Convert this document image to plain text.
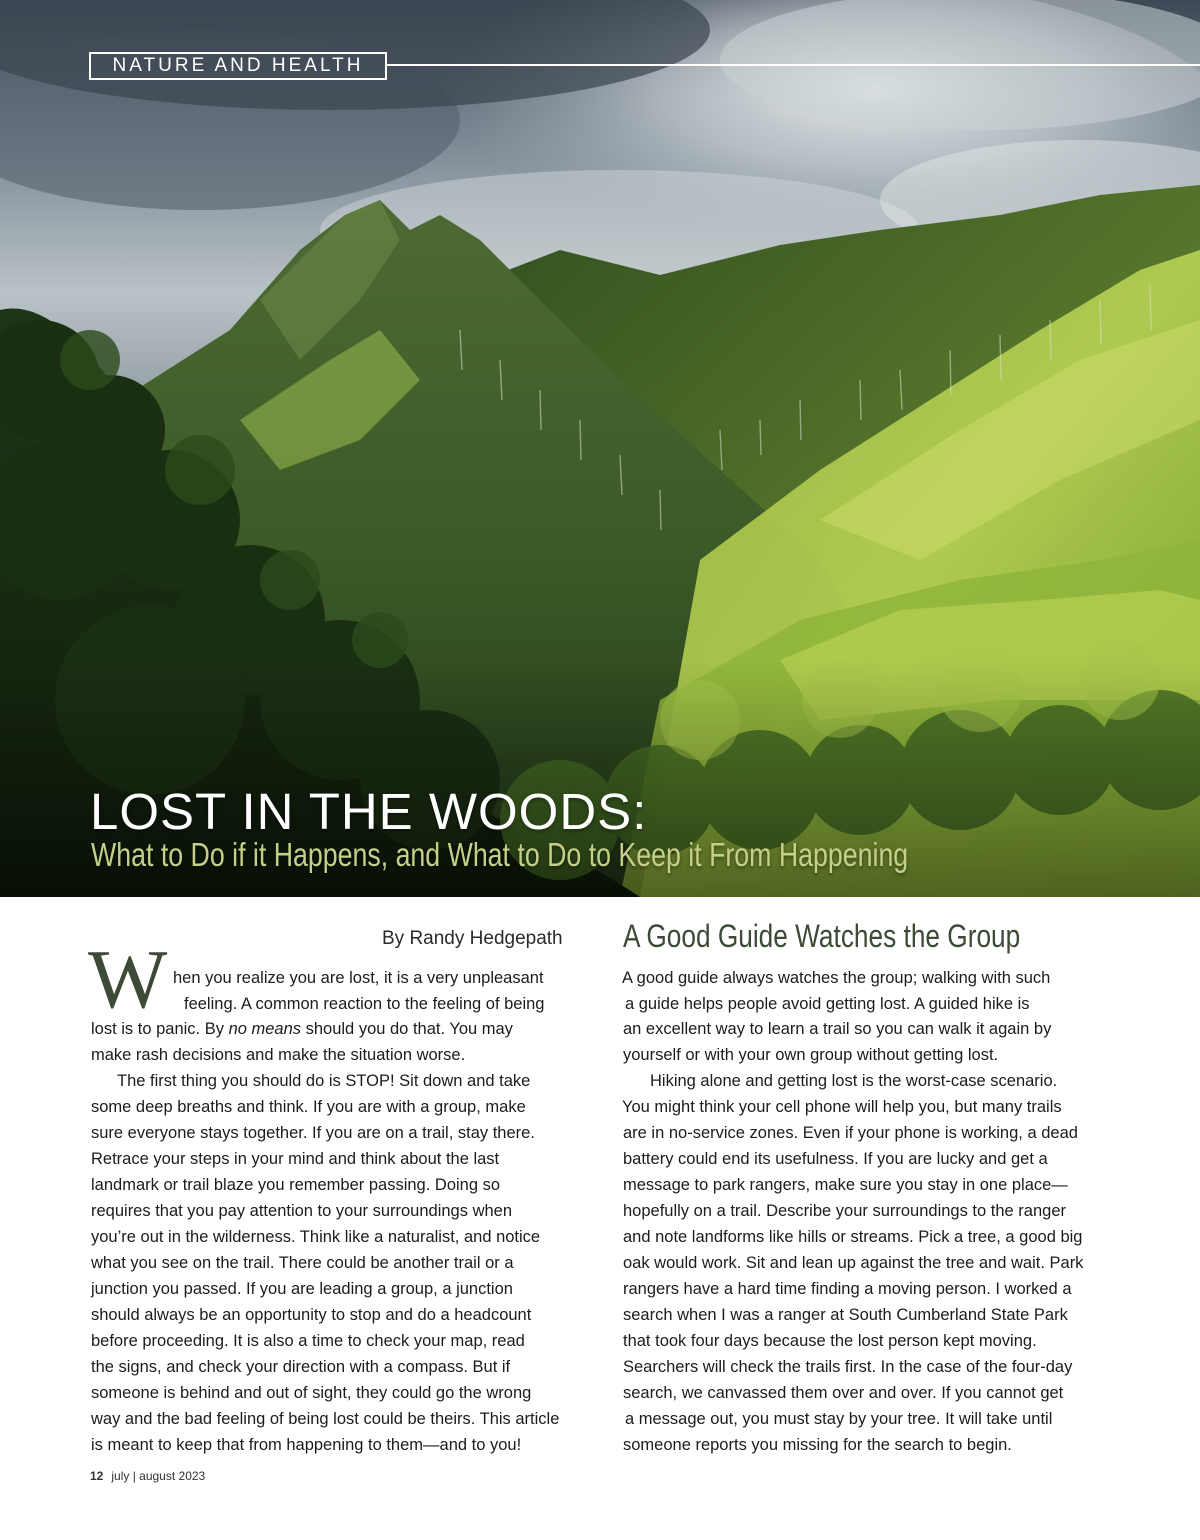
NATURE AND HEALTH
LOST IN THE WOODS:
What to Do if it Happens, and What to Do to Keep it From Happening
By Randy Hedgepath
W hen you realize you are lost, it is a very unpleasant
feeling. A common reaction to the feeling of being
lost is to panic. By no means should you do that. You may
make rash decisions and make the situation worse.
The first thing you should do is STOP! Sit down and take
some deep breaths and think. If you are with a group, make
sure everyone stays together. If you are on a trail, stay there.
Retrace your steps in your mind and think about the last
landmark or trail blaze you remember passing. Doing so
requires that you pay attention to your surroundings when
you’re out in the wilderness. Think like a naturalist, and notice
what you see on the trail. There could be another trail or a
junction you passed. If you are leading a group, a junction
should always be an opportunity to stop and do a headcount
before proceeding. It is also a time to check your map, read
the signs, and check your direction with a compass. But if
someone is behind and out of sight, they could go the wrong
way and the bad feeling of being lost could be theirs. This article
is meant to keep that from happening to them—and to you!
A Good Guide Watches the Group
A good guide always watches the group; walking with such
a guide helps people avoid getting lost. A guided hike is
an excellent way to learn a trail so you can walk it again by
yourself or with your own group without getting lost.
Hiking alone and getting lost is the worst-case scenario.
You might think your cell phone will help you, but many trails
are in no-service zones. Even if your phone is working, a dead
battery could end its usefulness. If you are lucky and get a
message to park rangers, make sure you stay in one place—
hopefully on a trail. Describe your surroundings to the ranger
and note landforms like hills or streams. Pick a tree, a good big
oak would work. Sit and lean up against the tree and wait. Park
rangers have a hard time finding a moving person. I worked a
search when I was a ranger at South Cumberland State Park
that took four days because the lost person kept moving.
Searchers will check the trails first. In the case of the four-day
search, we canvassed them over and over. If you cannot get
a message out, you must stay by your tree. It will take until
someone reports you missing for the search to begin.
12 july | august 2023
